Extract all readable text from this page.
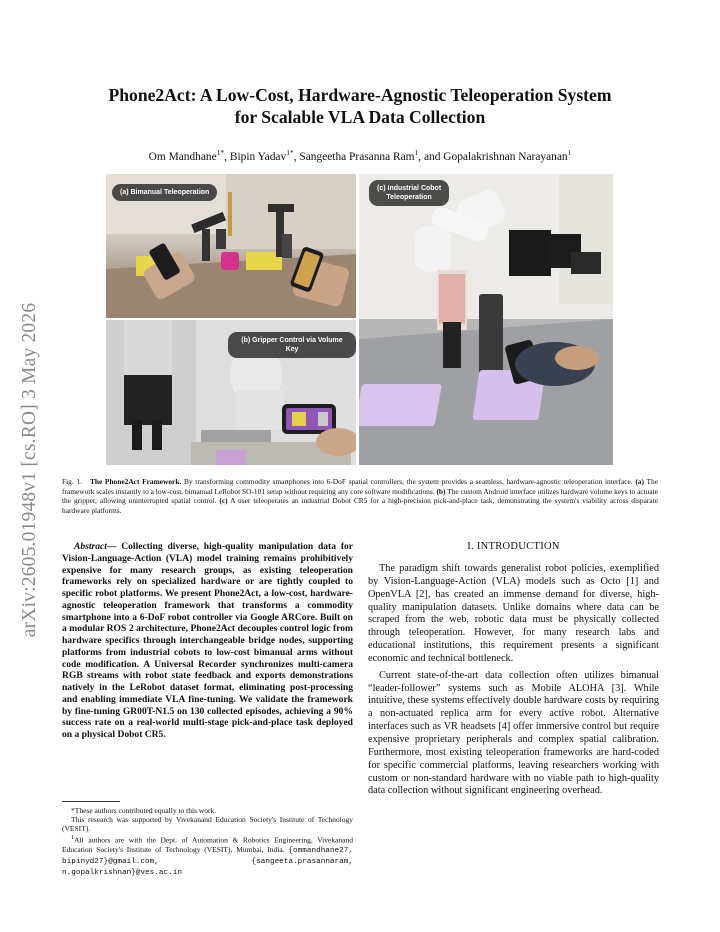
arXiv:2605.01948v1 [cs.RO] 3 May 2026
Phone2Act: A Low-Cost, Hardware-Agnostic Teleoperation System
for Scalable VLA Data Collection
Om Mandhane$^{1*}$, Bipin Yadav$^{1*}$, Sangeetha Prasanna Ram$^1$, and Gopalakrishnan Narayanan$^1$
(a) Bimanual Teleoperation
(b) Gripper Control via Volume Key
(c) Industrial Cobot
Teleoperation
Fig. 1. The Phone2Act Framework. By transforming commodity smartphones into 6-DoF spatial controllers, the system provides a seamless, hardware-agnostic teleoperation interface. (a) The framework scales instantly to a low-cost, bimanual LeRobot SO-101 setup without requiring any core software modifications. (b) The custom Android interface utilizes hardware volume keys to actuate the gripper, allowing uninterrupted spatial control. (c) A user teleoperates an industrial Dobot CR5 for a high-precision pick-and-place task, demonstrating the system's viability across disparate hardware platforms.

Abstract— Collecting diverse, high-quality manipulation data for Vision-Language-Action (VLA) model training remains prohibitively expensive for many research groups, as existing teleoperation frameworks rely on specialized hardware or are tightly coupled to specific robot platforms. We present Phone2Act, a low-cost, hardware-agnostic teleoperation framework that transforms a commodity smartphone into a 6-DoF robot controller via Google ARCore. Built on a modular ROS 2 architecture, Phone2Act decouples control logic from hardware specifics through interchangeable bridge nodes, supporting platforms from industrial cobots to low-cost bimanual arms without code modification. A Universal Recorder synchronizes multi-camera RGB streams with robot state feedback and exports demonstrations natively in the LeRobot dataset format, eliminating post-processing and enabling immediate VLA fine-tuning. We validate the framework by fine-tuning GR00T-N1.5 on 130 collected episodes, achieving a 90% success rate on a real-world multi-stage pick-and-place task deployed on a physical Dobot CR5.

*These authors contributed equally to this work.

This research was supported by Vivekanand Education Society's Institute of Technology (VESIT).

$^1$All authors are with the Dept. of Automation & Robotics Engineering, Vivekanand Education Society's Institute of Technology (VESIT), Mumbai, India. {ommandhane27, bipinyd27}@gmail.com, {sangeeta.prasannaram, n.gopalkrishnan}@ves.ac.in

I. INTRODUCTION

The paradigm shift towards generalist robot policies, exemplified by Vision-Language-Action (VLA) models such as Octo [1] and OpenVLA [2], has created an immense demand for diverse, high-quality manipulation datasets. Unlike domains where data can be scraped from the web, robotic data must be physically collected through teleoperation. However, for many research labs and educational institutions, this requirement presents a significant economic and technical bottleneck.

Current state-of-the-art data collection often utilizes bimanual “leader-follower” systems such as Mobile ALOHA [3]. While intuitive, these systems effectively double hardware costs by requiring a non-actuated replica arm for every active robot. Alternative interfaces such as VR headsets [4] offer immersive control but require expensive proprietary peripherals and complex spatial calibration. Furthermore, most existing teleoperation frameworks are hard-coded for specific commercial platforms, leaving researchers working with custom or non-standard hardware with no viable path to high-quality data collection without significant engineering overhead.
